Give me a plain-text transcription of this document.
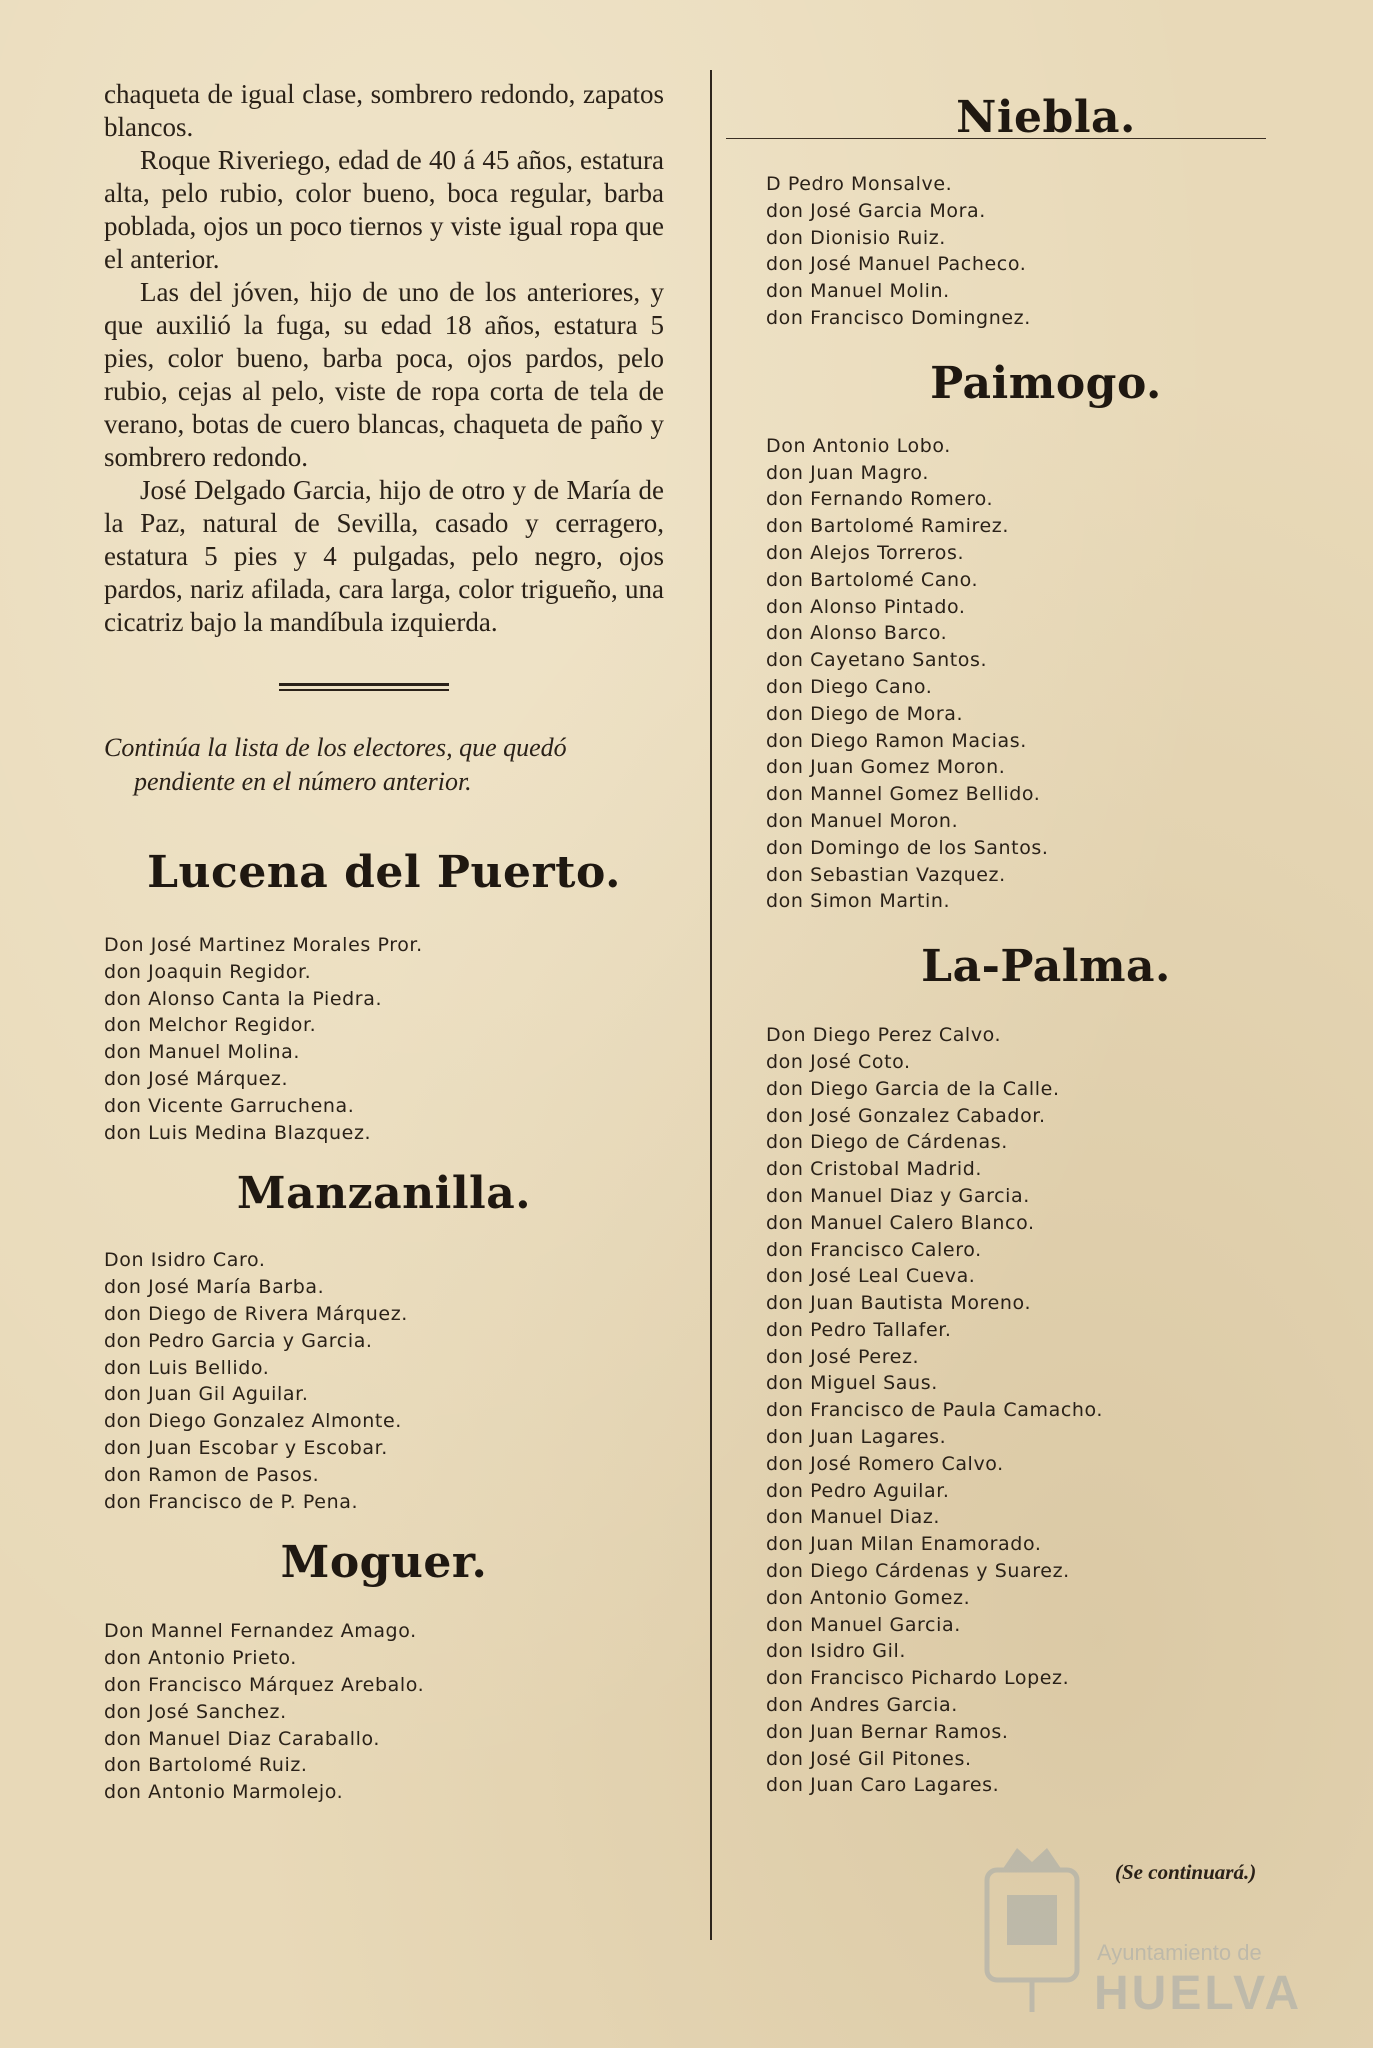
chaqueta de igual clase, sombrero redondo, zapatos blancos.

Roque Riveriego, edad de 40 á 45 años, estatura alta, pelo rubio, color bueno, boca regular, barba poblada, ojos un poco tiernos y viste igual ropa que el anterior.

Las del jóven, hijo de uno de los anteriores, y que auxilió la fuga, su edad 18 años, estatura 5 pies, color bueno, barba poca, ojos pardos, pelo rubio, cejas al pelo, viste de ropa corta de tela de verano, botas de cuero blancas, chaqueta de paño y sombrero redondo.

José Delgado Garcia, hijo de otro y de María de la Paz, natural de Sevilla, casado y cerragero, estatura 5 pies y 4 pulgadas, pelo negro, ojos pardos, nariz afilada, cara larga, color trigueño, una cicatriz bajo la mandíbula izquierda.

Continúa la lista de los electores, que quedó
pendiente en el número anterior.
Lucena del Puerto.
Don José Martinez Morales Pror.
don Joaquin Regidor.
don Alonso Canta la Piedra.
don Melchor Regidor.
don Manuel Molina.
don José Márquez.
don Vicente Garruchena.
don Luis Medina Blazquez.
Manzanilla.
Don Isidro Caro.
don José María Barba.
don Diego de Rivera Márquez.
don Pedro Garcia y Garcia.
don Luis Bellido.
don Juan Gil Aguilar.
don Diego Gonzalez Almonte.
don Juan Escobar y Escobar.
don Ramon de Pasos.
don Francisco de P. Pena.
Moguer.
Don Mannel Fernandez Amago.
don Antonio Prieto.
don Francisco Márquez Arebalo.
don José Sanchez.
don Manuel Diaz Caraballo.
don Bartolomé Ruiz.
don Antonio Marmolejo.
Niebla.
D Pedro Monsalve.
don José Garcia Mora.
don Dionisio Ruiz.
don José Manuel Pacheco.
don Manuel Molin.
don Francisco Domingnez.
Paimogo.
Don Antonio Lobo.
don Juan Magro.
don Fernando Romero.
don Bartolomé Ramirez.
don Alejos Torreros.
don Bartolomé Cano.
don Alonso Pintado.
don Alonso Barco.
don Cayetano Santos.
don Diego Cano.
don Diego de Mora.
don Diego Ramon Macias.
don Juan Gomez Moron.
don Mannel Gomez Bellido.
don Manuel Moron.
don Domingo de los Santos.
don Sebastian Vazquez.
don Simon Martin.
La-Palma.
Don Diego Perez Calvo.
don José Coto.
don Diego Garcia de la Calle.
don José Gonzalez Cabador.
don Diego de Cárdenas.
don Cristobal Madrid.
don Manuel Diaz y Garcia.
don Manuel Calero Blanco.
don Francisco Calero.
don José Leal Cueva.
don Juan Bautista Moreno.
don Pedro Tallafer.
don José Perez.
don Miguel Saus.
don Francisco de Paula Camacho.
don Juan Lagares.
don José Romero Calvo.
don Pedro Aguilar.
don Manuel Diaz.
don Juan Milan Enamorado.
don Diego Cárdenas y Suarez.
don Antonio Gomez.
don Manuel Garcia.
don Isidro Gil.
don Francisco Pichardo Lopez.
don Andres Garcia.
don Juan Bernar Ramos.
don José Gil Pitones.
don Juan Caro Lagares.
(Se continuará.)
Ayuntamiento de
HUELVA
